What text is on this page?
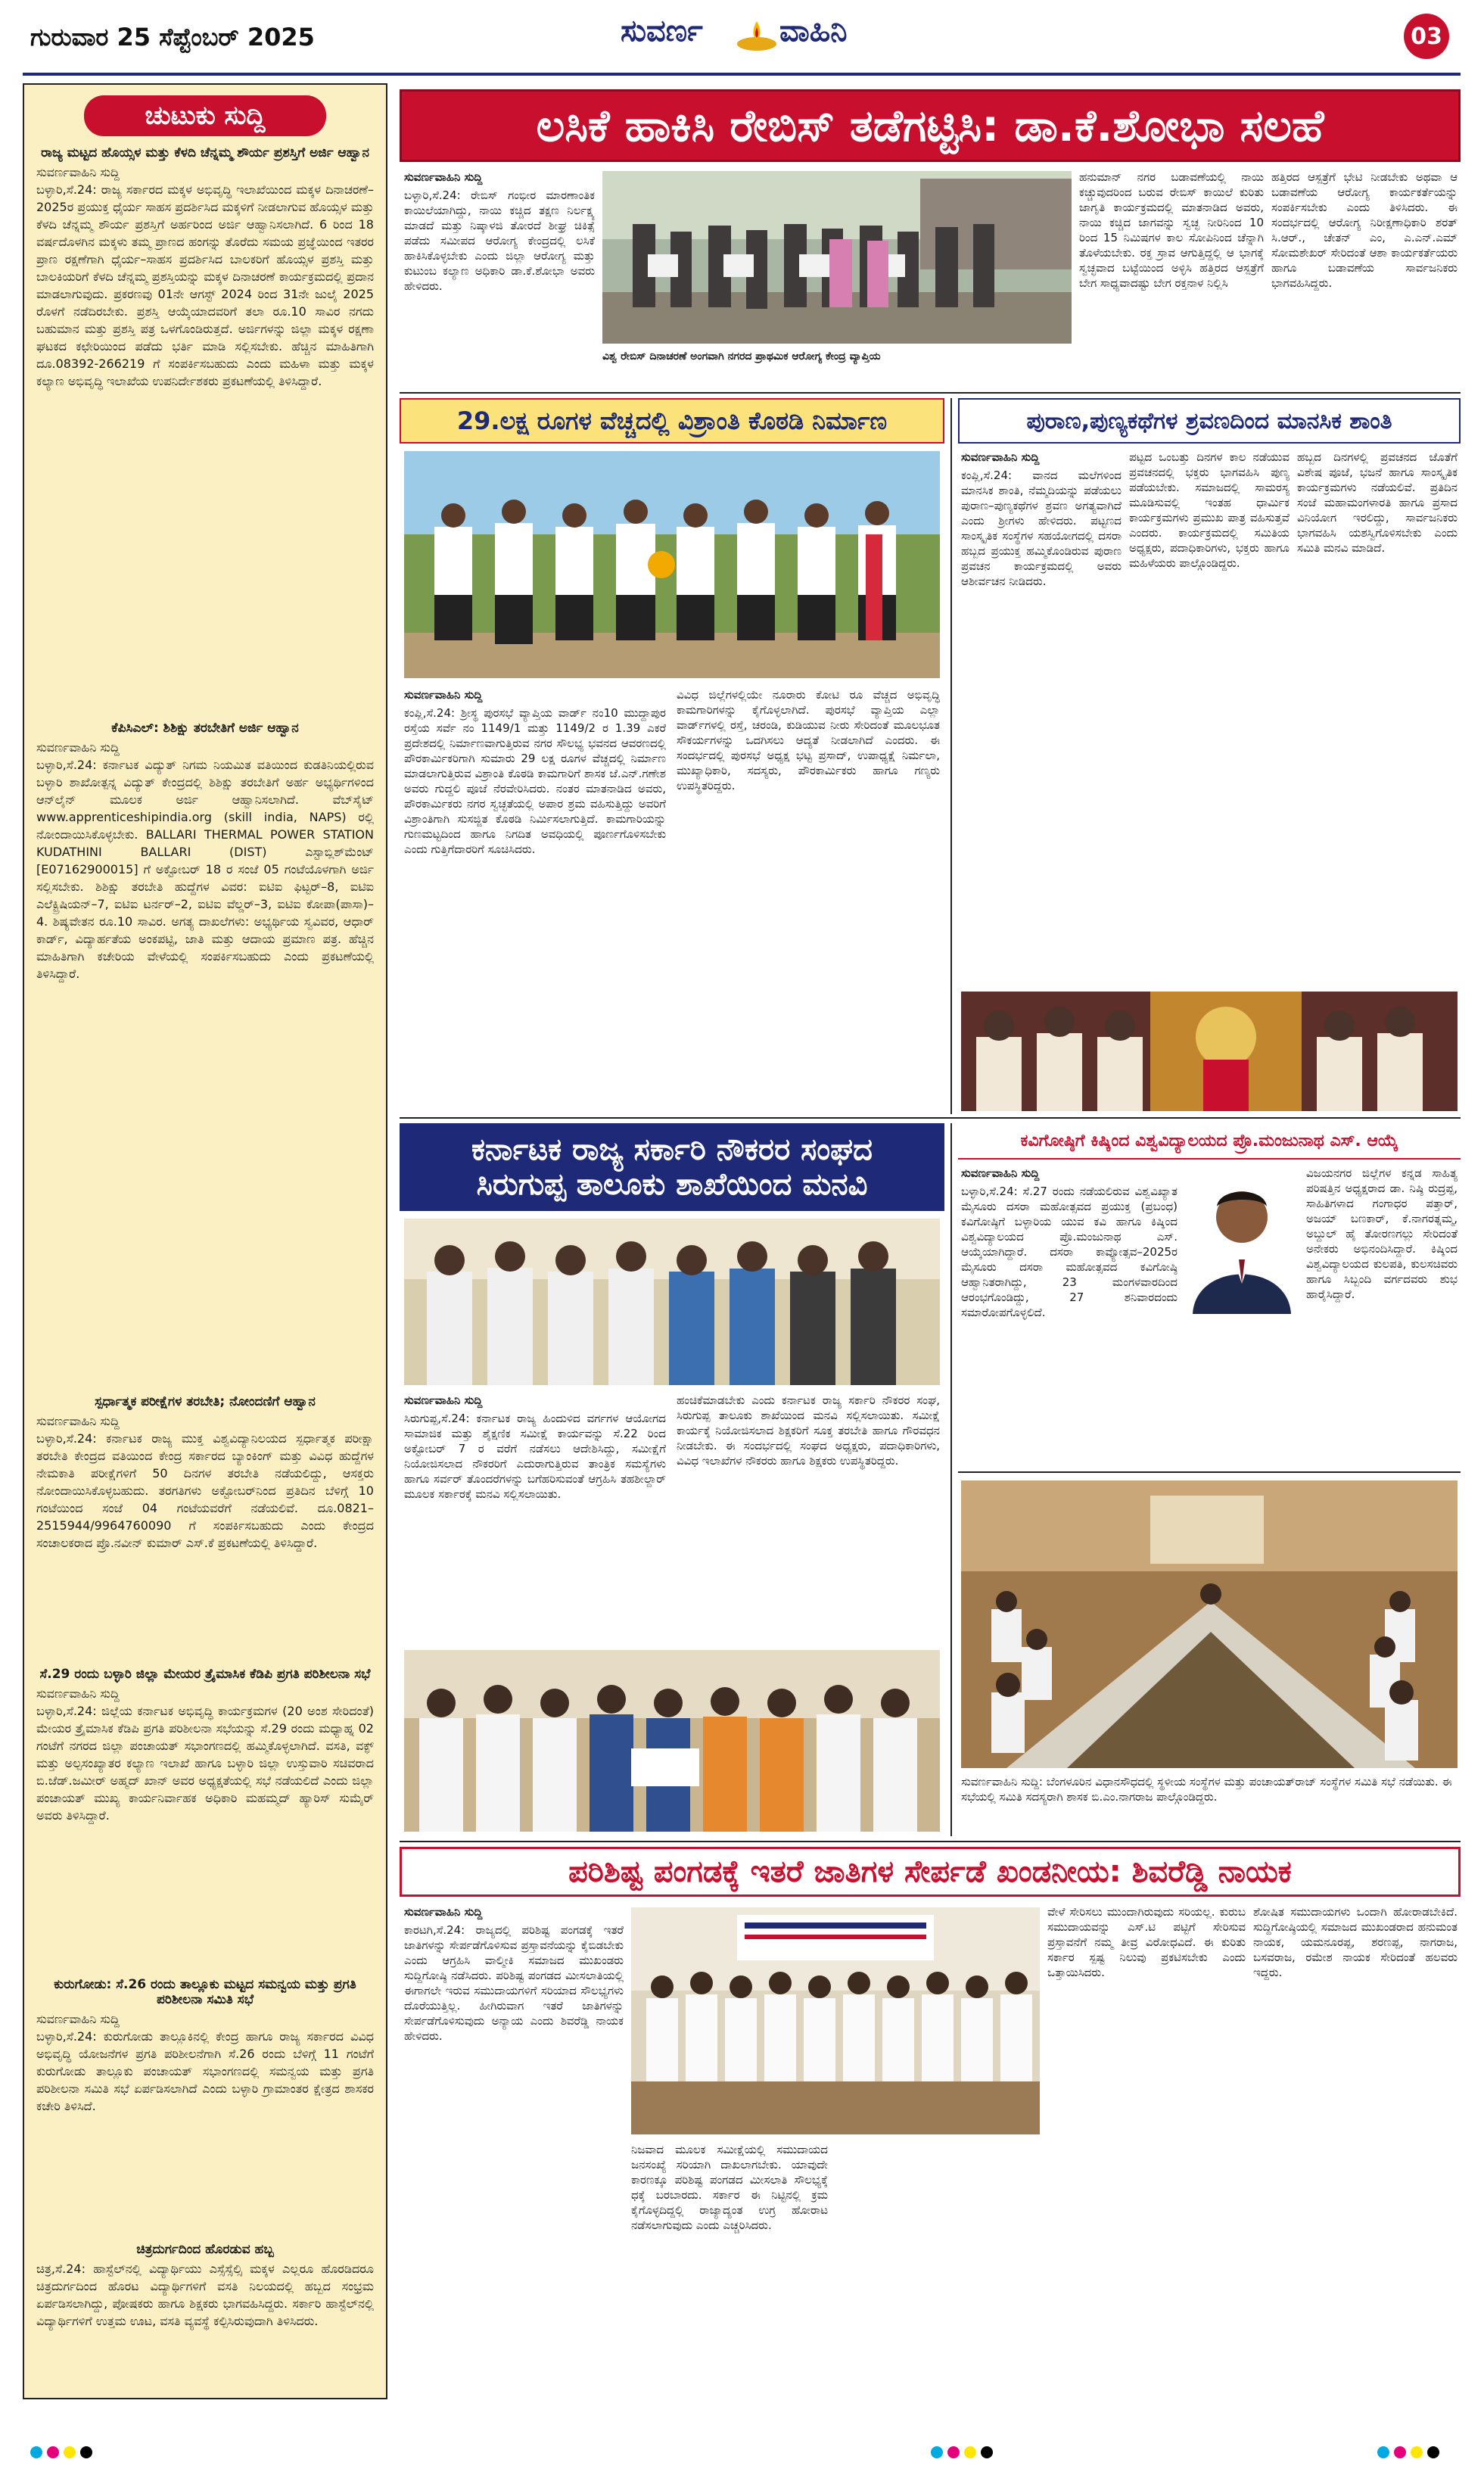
ಗುರುವಾರ 25 ಸೆಪ್ಟೆಂಬರ್ 2025	ಸುವರ್ಣ	ವಾಹಿನಿ	03
ಚುಟುಕು ಸುದ್ದಿ
ರಾಜ್ಯ ಮಟ್ಟದ ಹೊಯ್ಸಳ ಮತ್ತು ಕೆಳದಿ ಚೆನ್ನಮ್ಮ ಶೌರ್ಯ ಪ್ರಶಸ್ತಿಗೆ ಅರ್ಜಿ ಆಹ್ವಾನ
ಸುವರ್ಣವಾಹಿನಿ ಸುದ್ದಿ
ಬಳ್ಳಾರಿ,ಸೆ.24: ರಾಜ್ಯ ಸರ್ಕಾರದ ಮಕ್ಕಳ ಅಭಿವೃದ್ಧಿ ಇಲಾಖೆಯಿಂದ ಮಕ್ಕಳ ದಿನಾಚರಣೆ–2025ರ ಪ್ರಯುಕ್ತ ಧೈರ್ಯ ಸಾಹಸ ಪ್ರದರ್ಶಿಸಿದ ಮಕ್ಕಳಿಗೆ ನೀಡಲಾಗುವ ಹೊಯ್ಸಳ ಮತ್ತು ಕೆಳದಿ ಚೆನ್ನಮ್ಮ ಶೌರ್ಯ ಪ್ರಶಸ್ತಿಗೆ ಅರ್ಹರಿಂದ ಅರ್ಜಿ ಆಹ್ವಾನಿಸಲಾಗಿದೆ. 6 ರಿಂದ 18 ವರ್ಷದೊಳಗಿನ ಮಕ್ಕಳು ತಮ್ಮ ಪ್ರಾಣದ ಹಂಗನ್ನು ತೊರೆದು ಸಮಯ ಪ್ರಜ್ಞೆಯಿಂದ ಇತರರ ಪ್ರಾಣ ರಕ್ಷಣೆಗಾಗಿ ಧೈರ್ಯ–ಸಾಹಸ ಪ್ರದರ್ಶಿಸಿದ ಬಾಲಕರಿಗೆ ಹೊಯ್ಸಳ ಪ್ರಶಸ್ತಿ ಮತ್ತು ಬಾಲಕಿಯರಿಗೆ ಕೆಳದಿ ಚೆನ್ನಮ್ಮ ಪ್ರಶಸ್ತಿಯನ್ನು ಮಕ್ಕಳ ದಿನಾಚರಣೆ ಕಾರ್ಯಕ್ರಮದಲ್ಲಿ ಪ್ರದಾನ ಮಾಡಲಾಗುವುದು. ಪ್ರಕರಣವು 01ನೇ ಆಗಸ್ಟ್ 2024 ರಿಂದ 31ನೇ ಜುಲೈ 2025 ರೊಳಗೆ ನಡೆದಿರಬೇಕು. ಪ್ರಶಸ್ತಿ ಆಯ್ಕೆಯಾದವರಿಗೆ ತಲಾ ರೂ.10 ಸಾವಿರ ನಗದು ಬಹುಮಾನ ಮತ್ತು ಪ್ರಶಸ್ತಿ ಪತ್ರ ಒಳಗೊಂಡಿರುತ್ತದೆ. ಅರ್ಜಿಗಳನ್ನು ಜಿಲ್ಲಾ ಮಕ್ಕಳ ರಕ್ಷಣಾ ಘಟಕದ ಕಛೇರಿಯಿಂದ ಪಡೆದು ಭರ್ತಿ ಮಾಡಿ ಸಲ್ಲಿಸಬೇಕು. ಹೆಚ್ಚಿನ ಮಾಹಿತಿಗಾಗಿ ದೂ.08392-266219 ಗೆ ಸಂಪರ್ಕಿಸಬಹುದು ಎಂದು ಮಹಿಳಾ ಮತ್ತು ಮಕ್ಕಳ ಕಲ್ಯಾಣ ಅಭಿವೃದ್ಧಿ ಇಲಾಖೆಯ ಉಪನಿರ್ದೇಶಕರು ಪ್ರಕಟಣೆಯಲ್ಲಿ ತಿಳಿಸಿದ್ದಾರೆ.
ಕೆಪಿಸಿಎಲ್: ಶಿಶಿಕ್ಷು ತರಬೇತಿಗೆ ಅರ್ಜಿ ಆಹ್ವಾನ
ಸುವರ್ಣವಾಹಿನಿ ಸುದ್ದಿ
ಬಳ್ಳಾರಿ,ಸೆ.24: ಕರ್ನಾಟಕ ವಿದ್ಯುತ್ ನಿಗಮ ನಿಯಮಿತ ವತಿಯಿಂದ ಕುಡತಿನಿಯಲ್ಲಿರುವ ಬಳ್ಳಾರಿ ಶಾಖೋತ್ಪನ್ನ ವಿದ್ಯುತ್ ಕೇಂದ್ರದಲ್ಲಿ ಶಿಶಿಕ್ಷು ತರಬೇತಿಗೆ ಅರ್ಹ ಅಭ್ಯರ್ಥಿಗಳಿಂದ ಆನ್‌ಲೈನ್ ಮೂಲಕ ಅರ್ಜಿ ಆಹ್ವಾನಿಸಲಾಗಿದೆ. ವೆಬ್‌ಸೈಟ್ www.apprenticeshipindia.org (skill india, NAPS) ರಲ್ಲಿ ನೋಂದಾಯಿಸಿಕೊಳ್ಳಬೇಕು. BALLARI THERMAL POWER STATION KUDATHINI BALLARI (DIST) ಎಸ್ಟಾಬ್ಲಿಶ್‌ಮೆಂಟ್ [E07162900015] ಗೆ ಅಕ್ಟೋಬರ್ 18 ರ ಸಂಜೆ 05 ಗಂಟೆಯೊಳಗಾಗಿ ಅರ್ಜಿ ಸಲ್ಲಿಸಬೇಕು. ಶಿಶಿಕ್ಷು ತರಬೇತಿ ಹುದ್ದೆಗಳ ವಿವರ: ಐಟಿಐ ಫಿಟ್ಟರ್–8, ಐಟಿಐ ಎಲೆಕ್ಟ್ರಿಷಿಯನ್–7, ಐಟಿಐ ಟರ್ನರ್–2, ಐಟಿಐ ವೆಲ್ಡರ್–3, ಐಟಿಐ ಕೋಪಾ(ಪಾಸಾ)–4. ಶಿಷ್ಯವೇತನ ರೂ.10 ಸಾವಿರ. ಅಗತ್ಯ ದಾಖಲೆಗಳು: ಅಭ್ಯರ್ಥಿಯ ಸ್ವವಿವರ, ಆಧಾರ್ ಕಾರ್ಡ್, ವಿದ್ಯಾರ್ಹತೆಯ ಅಂಕಪಟ್ಟಿ, ಜಾತಿ ಮತ್ತು ಆದಾಯ ಪ್ರಮಾಣ ಪತ್ರ. ಹೆಚ್ಚಿನ ಮಾಹಿತಿಗಾಗಿ ಕಚೇರಿಯ ವೇಳೆಯಲ್ಲಿ ಸಂಪರ್ಕಿಸಬಹುದು ಎಂದು ಪ್ರಕಟಣೆಯಲ್ಲಿ ತಿಳಿಸಿದ್ದಾರೆ.
ಸ್ಪರ್ಧಾತ್ಮಕ ಪರೀಕ್ಷೆಗಳ ತರಬೇತಿ; ನೋಂದಣಿಗೆ ಆಹ್ವಾನ
ಸುವರ್ಣವಾಹಿನಿ ಸುದ್ದಿ
ಬಳ್ಳಾರಿ,ಸೆ.24: ಕರ್ನಾಟಕ ರಾಜ್ಯ ಮುಕ್ತ ವಿಶ್ವವಿದ್ಯಾನಿಲಯದ ಸ್ಪರ್ಧಾತ್ಮಕ ಪರೀಕ್ಷಾ ತರಬೇತಿ ಕೇಂದ್ರದ ವತಿಯಿಂದ ಕೇಂದ್ರ ಸರ್ಕಾರದ ಬ್ಯಾಂಕಿಂಗ್ ಮತ್ತು ವಿವಿಧ ಹುದ್ದೆಗಳ ನೇಮಕಾತಿ ಪರೀಕ್ಷೆಗಳಿಗೆ 50 ದಿನಗಳ ತರಬೇತಿ ನಡೆಯಲಿದ್ದು, ಆಸಕ್ತರು ನೋಂದಾಯಿಸಿಕೊಳ್ಳಬಹುದು. ತರಗತಿಗಳು ಅಕ್ಟೋಬರ್‌ನಿಂದ ಪ್ರತಿದಿನ ಬೆಳಿಗ್ಗೆ 10 ಗಂಟೆಯಿಂದ ಸಂಜೆ 04 ಗಂಟೆಯವರೆಗೆ ನಡೆಯಲಿವೆ. ದೂ.0821–2515944/9964760090 ಗೆ ಸಂಪರ್ಕಿಸಬಹುದು ಎಂದು ಕೇಂದ್ರದ ಸಂಚಾಲಕರಾದ ಪ್ರೊ.ನವೀನ್ ಕುಮಾರ್ ಎಸ್.ಕೆ ಪ್ರಕಟಣೆಯಲ್ಲಿ ತಿಳಿಸಿದ್ದಾರೆ.
ಸೆ.29 ರಂದು ಬಳ್ಳಾರಿ ಜಿಲ್ಲಾ ಮೇಯರ ತ್ರೈಮಾಸಿಕ ಕೆಡಿಪಿ ಪ್ರಗತಿ ಪರಿಶೀಲನಾ ಸಭೆ
ಸುವರ್ಣವಾಹಿನಿ ಸುದ್ದಿ
ಬಳ್ಳಾರಿ,ಸೆ.24: ಜಿಲ್ಲೆಯ ಕರ್ನಾಟಕ ಅಭಿವೃದ್ಧಿ ಕಾರ್ಯಕ್ರಮಗಳ (20 ಅಂಶ ಸೇರಿದಂತೆ) ಮೇಯರ ತ್ರೈಮಾಸಿಕ ಕೆಡಿಪಿ ಪ್ರಗತಿ ಪರಿಶೀಲನಾ ಸಭೆಯನ್ನು ಸೆ.29 ರಂದು ಮಧ್ಯಾಹ್ನ 02 ಗಂಟೆಗೆ ನಗರದ ಜಿಲ್ಲಾ ಪಂಚಾಯತ್ ಸಭಾಂಗಣದಲ್ಲಿ ಹಮ್ಮಿಕೊಳ್ಳಲಾಗಿದೆ. ವಸತಿ, ವಕ್ಫ್ ಮತ್ತು ಅಲ್ಪಸಂಖ್ಯಾತರ ಕಲ್ಯಾಣ ಇಲಾಖೆ ಹಾಗೂ ಬಳ್ಳಾರಿ ಜಿಲ್ಲಾ ಉಸ್ತುವಾರಿ ಸಚಿವರಾದ ಬಿ.ಜೆಡ್.ಜಮೀರ್ ಅಹ್ಮದ್ ಖಾನ್ ಅವರ ಅಧ್ಯಕ್ಷತೆಯಲ್ಲಿ ಸಭೆ ನಡೆಯಲಿದೆ ಎಂದು ಜಿಲ್ಲಾ ಪಂಚಾಯತ್ ಮುಖ್ಯ ಕಾರ್ಯನಿರ್ವಾಹಕ ಅಧಿಕಾರಿ ಮಹಮ್ಮದ್ ಹ್ಯಾರಿಸ್ ಸುಮೈರ್ ಅವರು ತಿಳಿಸಿದ್ದಾರೆ.
ಕುರುಗೋಡು: ಸೆ.26 ರಂದು ತಾಲ್ಲೂಕು ಮಟ್ಟದ ಸಮನ್ವಯ ಮತ್ತು ಪ್ರಗತಿ ಪರಿಶೀಲನಾ ಸಮಿತಿ ಸಭೆ
ಸುವರ್ಣವಾಹಿನಿ ಸುದ್ದಿ
ಬಳ್ಳಾರಿ,ಸೆ.24: ಕುರುಗೋಡು ತಾಲ್ಲೂಕಿನಲ್ಲಿ ಕೇಂದ್ರ ಹಾಗೂ ರಾಜ್ಯ ಸರ್ಕಾರದ ವಿವಿಧ ಅಭಿವೃದ್ಧಿ ಯೋಜನೆಗಳ ಪ್ರಗತಿ ಪರಿಶೀಲನೆಗಾಗಿ ಸೆ.26 ರಂದು ಬೆಳಿಗ್ಗೆ 11 ಗಂಟೆಗೆ ಕುರುಗೋಡು ತಾಲ್ಲೂಕು ಪಂಚಾಯತ್ ಸಭಾಂಗಣದಲ್ಲಿ ಸಮನ್ವಯ ಮತ್ತು ಪ್ರಗತಿ ಪರಿಶೀಲನಾ ಸಮಿತಿ ಸಭೆ ಏರ್ಪಡಿಸಲಾಗಿದೆ ಎಂದು ಬಳ್ಳಾರಿ ಗ್ರಾಮಾಂತರ ಕ್ಷೇತ್ರದ ಶಾಸಕರ ಕಚೇರಿ ತಿಳಿಸಿದೆ.
ಚಿತ್ರದುರ್ಗದಿಂದ ಹೊರಡುವ ಹಬ್ಬ
ಚಿತ್ರ,ಸೆ.24: ಹಾಸ್ಟೆಲ್‌ನಲ್ಲಿ ವಿದ್ಯಾರ್ಥಿಯು ಎಸ್ಸೆಸ್ಸೆಲ್ಸಿ ಮಕ್ಕಳ ಎಲ್ಲರೂ ಹೊರಡಿದರೂ ಚಿತ್ರದುರ್ಗದಿಂದ ಹೊರಟ ವಿದ್ಯಾರ್ಥಿಗಳಿಗೆ ವಸತಿ ನಿಲಯದಲ್ಲಿ ಹಬ್ಬದ ಸಂಭ್ರಮ ಏರ್ಪಡಿಸಲಾಗಿದ್ದು, ಪೋಷಕರು ಹಾಗೂ ಶಿಕ್ಷಕರು ಭಾಗವಹಿಸಿದ್ದರು. ಸರ್ಕಾರಿ ಹಾಸ್ಟೆಲ್‌ನಲ್ಲಿ ವಿದ್ಯಾರ್ಥಿಗಳಿಗೆ ಉತ್ತಮ ಊಟ, ವಸತಿ ವ್ಯವಸ್ಥೆ ಕಲ್ಪಿಸಿರುವುದಾಗಿ ತಿಳಿಸಿದರು.
ಲಸಿಕೆ ಹಾಕಿಸಿ ರೇಬಿಸ್ ತಡೆಗಟ್ಟಿಸಿ: ಡಾ.ಕೆ.ಶೋಭಾ ಸಲಹೆ

ಸುವರ್ಣವಾಹಿನಿ ಸುದ್ದಿ

ಬಳ್ಳಾರಿ,ಸೆ.24: ರೇಬಿಸ್ ಗಂಭೀರ ಮಾರಣಾಂತಿಕ ಕಾಯಿಲೆಯಾಗಿದ್ದು, ನಾಯಿ ಕಚ್ಚಿದ ತಕ್ಷಣ ನಿರ್ಲಕ್ಷ್ಯ ಮಾಡದೆ ಮತ್ತು ನಿಷ್ಕಾಳಜಿ ತೋರದೆ ಶೀಘ್ರ ಚಿಕಿತ್ಸೆ ಪಡೆದು ಸಮೀಪದ ಆರೋಗ್ಯ ಕೇಂದ್ರದಲ್ಲಿ ಲಸಿಕೆ ಹಾಕಿಸಿಕೊಳ್ಳಬೇಕು ಎಂದು ಜಿಲ್ಲಾ ಆರೋಗ್ಯ ಮತ್ತು ಕುಟುಂಬ ಕಲ್ಯಾಣ ಅಧಿಕಾರಿ ಡಾ.ಕೆ.ಶೋಭಾ ಅವರು ಹೇಳಿದರು.

ವಿಶ್ವ ರೇಬಿಸ್ ದಿನಾಚರಣೆ ಅಂಗವಾಗಿ ನಗರದ ಪ್ರಾಥಮಿಕ ಆರೋಗ್ಯ ಕೇಂದ್ರ ವ್ಯಾಪ್ತಿಯ
ಹನುಮಾನ್ ನಗರ ಬಡಾವಣೆಯಲ್ಲಿ ನಾಯಿ ಕಚ್ಚುವುದರಿಂದ ಬರುವ ರೇಬಿಸ್ ಕಾಯಿಲೆ ಕುರಿತು ಜಾಗೃತಿ ಕಾರ್ಯಕ್ರಮದಲ್ಲಿ ಮಾತನಾಡಿದ ಅವರು, ನಾಯಿ ಕಚ್ಚಿದ ಜಾಗವನ್ನು ಸ್ವಚ್ಛ ನೀರಿನಿಂದ 10 ರಿಂದ 15 ನಿಮಿಷಗಳ ಕಾಲ ಸೋಪಿನಿಂದ ಚೆನ್ನಾಗಿ ತೊಳೆಯಬೇಕು. ರಕ್ತ ಸ್ರಾವ ಆಗುತ್ತಿದ್ದಲ್ಲಿ ಆ ಭಾಗಕ್ಕೆ ಸ್ವಚ್ಛವಾದ ಬಟ್ಟೆಯಿಂದ ಅಳ್ಳಿಸಿ ಹತ್ತಿರದ ಆಸ್ಪತ್ರೆಗೆ ಬೇಗ ಸಾಧ್ಯವಾದಷ್ಟು ಬೇಗ ರಕ್ತನಾಳ ನಿಲ್ಲಿಸಿ
ಹತ್ತಿರದ ಆಸ್ಪತ್ರೆಗೆ ಭೇಟಿ ನೀಡಬೇಕು ಅಥವಾ ಆ ಬಡಾವಣೆಯ ಆರೋಗ್ಯ ಕಾರ್ಯಕರ್ತೆಯನ್ನು ಸಂಪರ್ಕಿಸಬೇಕು ಎಂದು ತಿಳಿಸಿದರು. ಈ ಸಂದರ್ಭದಲ್ಲಿ ಆರೋಗ್ಯ ನಿರೀಕ್ಷಣಾಧಿಕಾರಿ ಶರತ್ ಸಿ.ಆರ್., ಚೇತನ್ ಎಂ, ಎ.ಎನ್.ಎಮ್ ಸೋಮಶೇಖರ್ ಸೇರಿದಂತೆ ಆಶಾ ಕಾರ್ಯಕರ್ತೆಯರು ಹಾಗೂ ಬಡಾವಣೆಯ ಸಾರ್ವಜನಿಕರು ಭಾಗವಹಿಸಿದ್ದರು.
29.ಲಕ್ಷ ರೂಗಳ ವೆಚ್ಚದಲ್ಲಿ ವಿಶ್ರಾಂತಿ ಕೊಠಡಿ ನಿರ್ಮಾಣ

ಸುವರ್ಣವಾಹಿನಿ ಸುದ್ದಿ

ಕಂಪ್ಲಿ,ಸೆ.24: ಶ್ರೀಸ್ಥ ಪುರಸಭೆ ವ್ಯಾಪ್ತಿಯ ವಾರ್ಡ್ ನಂ10 ಮುದ್ದಾಪುರ ರಸ್ತೆಯ ಸರ್ವೆ ನಂ 1149/1 ಮತ್ತು 1149/2 ರ 1.39 ಎಕರೆ ಪ್ರದೇಶದಲ್ಲಿ ನಿರ್ಮಾಣವಾಗುತ್ತಿರುವ ನಗರ ಸೌಲಭ್ಯ ಭವನದ ಆವರಣದಲ್ಲಿ ಪೌರಕಾರ್ಮಿಕರಿಗಾಗಿ ಸುಮಾರು 29 ಲಕ್ಷ ರೂಗಳ ವೆಚ್ಚದಲ್ಲಿ ನಿರ್ಮಾಣ ಮಾಡಲಾಗುತ್ತಿರುವ ವಿಶ್ರಾಂತಿ ಕೊಠಡಿ ಕಾಮಗಾರಿಗೆ ಶಾಸಕ ಜೆ.ಎನ್.ಗಣೇಶ ಅವರು ಗುದ್ದಲಿ ಪೂಜೆ ನೆರವೇರಿಸಿದರು. ನಂತರ ಮಾತನಾಡಿದ ಅವರು, ಪೌರಕಾರ್ಮಿಕರು ನಗರ ಸ್ವಚ್ಛತೆಯಲ್ಲಿ ಅಪಾರ ಶ್ರಮ ವಹಿಸುತ್ತಿದ್ದು ಅವರಿಗೆ ವಿಶ್ರಾಂತಿಗಾಗಿ ಸುಸಜ್ಜಿತ ಕೊಠಡಿ ನಿರ್ಮಿಸಲಾಗುತ್ತಿದೆ. ಕಾಮಗಾರಿಯನ್ನು ಗುಣಮಟ್ಟದಿಂದ ಹಾಗೂ ನಿಗದಿತ ಅವಧಿಯಲ್ಲಿ ಪೂರ್ಣಗೊಳಿಸಬೇಕು ಎಂದು ಗುತ್ತಿಗೆದಾರರಿಗೆ ಸೂಚಿಸಿದರು.

ವಿವಿಧ ಜಿಲ್ಲೆಗಳಲ್ಲಿಯೇ ನೂರಾರು ಕೋಟಿ ರೂ ವೆಚ್ಚದ ಅಭಿವೃದ್ಧಿ ಕಾಮಗಾರಿಗಳನ್ನು ಕೈಗೊಳ್ಳಲಾಗಿದೆ. ಪುರಸಭೆ ವ್ಯಾಪ್ತಿಯ ಎಲ್ಲಾ ವಾರ್ಡ್‌ಗಳಲ್ಲಿ ರಸ್ತೆ, ಚರಂಡಿ, ಕುಡಿಯುವ ನೀರು ಸೇರಿದಂತೆ ಮೂಲಭೂತ ಸೌಕರ್ಯಗಳನ್ನು ಒದಗಿಸಲು ಆದ್ಯತೆ ನೀಡಲಾಗಿದೆ ಎಂದರು. ಈ ಸಂದರ್ಭದಲ್ಲಿ ಪುರಸಭೆ ಅಧ್ಯಕ್ಷ ಭಟ್ಟ ಪ್ರಸಾದ್, ಉಪಾಧ್ಯಕ್ಷೆ ನಿರ್ಮಲಾ, ಮುಖ್ಯಾಧಿಕಾರಿ, ಸದಸ್ಯರು, ಪೌರಕಾರ್ಮಿಕರು ಹಾಗೂ ಗಣ್ಯರು ಉಪಸ್ಥಿತರಿದ್ದರು.
ಪುರಾಣ,ಪುಣ್ಯಕಥೆಗಳ ಶ್ರವಣದಿಂದ ಮಾನಸಿಕ ಶಾಂತಿ

ಸುವರ್ಣವಾಹಿನಿ ಸುದ್ದಿ

ಕಂಪ್ಲಿ,ಸೆ.24: ವಾನದ ಮಲೆಗಳಿಂದ ಮಾನಸಿಕ ಶಾಂತಿ, ನೆಮ್ಮದಿಯನ್ನು ಪಡೆಯಲು ಪುರಾಣ–ಪುಣ್ಯಕಥೆಗಳ ಶ್ರವಣ ಅಗತ್ಯವಾಗಿದೆ ಎಂದು ಶ್ರೀಗಳು ಹೇಳಿದರು. ಪಟ್ಟಣದ ಸಾಂಸ್ಕೃತಿಕ ಸಂಸ್ಥೆಗಳ ಸಹಯೋಗದಲ್ಲಿ ದಸರಾ ಹಬ್ಬದ ಪ್ರಯುಕ್ತ ಹಮ್ಮಿಕೊಂಡಿರುವ ಪುರಾಣ ಪ್ರವಚನ ಕಾರ್ಯಕ್ರಮದಲ್ಲಿ ಅವರು ಆಶೀರ್ವಚನ ನೀಡಿದರು.

ಪಟ್ಟದ ಒಂಬತ್ತು ದಿನಗಳ ಕಾಲ ನಡೆಯುವ ಪ್ರವಚನದಲ್ಲಿ ಭಕ್ತರು ಭಾಗವಹಿಸಿ ಪುಣ್ಯ ಪಡೆಯಬೇಕು. ಸಮಾಜದಲ್ಲಿ ಸಾಮರಸ್ಯ ಮೂಡಿಸುವಲ್ಲಿ ಇಂತಹ ಧಾರ್ಮಿಕ ಕಾರ್ಯಕ್ರಮಗಳು ಪ್ರಮುಖ ಪಾತ್ರ ವಹಿಸುತ್ತವೆ ಎಂದರು. ಕಾರ್ಯಕ್ರಮದಲ್ಲಿ ಸಮಿತಿಯ ಅಧ್ಯಕ್ಷರು, ಪದಾಧಿಕಾರಿಗಳು, ಭಕ್ತರು ಹಾಗೂ ಮಹಿಳೆಯರು ಪಾಲ್ಗೊಂಡಿದ್ದರು.
ಹಬ್ಬದ ದಿನಗಳಲ್ಲಿ ಪ್ರವಚನದ ಜೊತೆಗೆ ವಿಶೇಷ ಪೂಜೆ, ಭಜನೆ ಹಾಗೂ ಸಾಂಸ್ಕೃತಿಕ ಕಾರ್ಯಕ್ರಮಗಳು ನಡೆಯಲಿವೆ. ಪ್ರತಿದಿನ ಸಂಜೆ ಮಹಾಮಂಗಳಾರತಿ ಹಾಗೂ ಪ್ರಸಾದ ವಿನಿಯೋಗ ಇರಲಿದ್ದು, ಸಾರ್ವಜನಿಕರು ಭಾಗವಹಿಸಿ ಯಶಸ್ವಿಗೊಳಿಸಬೇಕು ಎಂದು ಸಮಿತಿ ಮನವಿ ಮಾಡಿದೆ.
ಕರ್ನಾಟಕ ರಾಜ್ಯ ಸರ್ಕಾರಿ ನೌಕರರ ಸಂಘದ
ಸಿರುಗುಪ್ಪ ತಾಲೂಕು ಶಾಖೆಯಿಂದ ಮನವಿ

ಸುವರ್ಣವಾಹಿನಿ ಸುದ್ದಿ

ಸಿರುಗುಪ್ಪ,ಸೆ.24: ಕರ್ನಾಟಕ ರಾಜ್ಯ ಹಿಂದುಳಿದ ವರ್ಗಗಳ ಆಯೋಗದ ಸಾಮಾಜಿಕ ಮತ್ತು ಶೈಕ್ಷಣಿಕ ಸಮೀಕ್ಷೆ ಕಾರ್ಯವನ್ನು ಸೆ.22 ರಿಂದ ಅಕ್ಟೋಬರ್ 7 ರ ವರೆಗೆ ನಡೆಸಲು ಆದೇಶಿಸಿದ್ದು, ಸಮೀಕ್ಷೆಗೆ ನಿಯೋಜಿಸಲಾದ ನೌಕರರಿಗೆ ಎದುರಾಗುತ್ತಿರುವ ತಾಂತ್ರಿಕ ಸಮಸ್ಯೆಗಳು ಹಾಗೂ ಸರ್ವರ್ ತೊಂದರೆಗಳನ್ನು ಬಗೆಹರಿಸುವಂತೆ ಆಗ್ರಹಿಸಿ ತಹಶೀಲ್ದಾರ್ ಮೂಲಕ ಸರ್ಕಾರಕ್ಕೆ ಮನವಿ ಸಲ್ಲಿಸಲಾಯಿತು.

ಹಂಚಿಕೆಮಾಡಬೇಕು ಎಂದು ಕರ್ನಾಟಕ ರಾಜ್ಯ ಸರ್ಕಾರಿ ನೌಕರರ ಸಂಘ, ಸಿರುಗುಪ್ಪ ತಾಲೂಕು ಶಾಖೆಯಿಂದ ಮನವಿ ಸಲ್ಲಿಸಲಾಯಿತು. ಸಮೀಕ್ಷೆ ಕಾರ್ಯಕ್ಕೆ ನಿಯೋಜಿಸಲಾದ ಶಿಕ್ಷಕರಿಗೆ ಸೂಕ್ತ ತರಬೇತಿ ಹಾಗೂ ಗೌರವಧನ ನೀಡಬೇಕು. ಈ ಸಂದರ್ಭದಲ್ಲಿ ಸಂಘದ ಅಧ್ಯಕ್ಷರು, ಪದಾಧಿಕಾರಿಗಳು, ವಿವಿಧ ಇಲಾಖೆಗಳ ನೌಕರರು ಹಾಗೂ ಶಿಕ್ಷಕರು ಉಪಸ್ಥಿತರಿದ್ದರು.
ಕವಿಗೋಷ್ಠಿಗೆ ಕಿಷ್ಕಿಂದ ವಿಶ್ವವಿದ್ಯಾಲಯದ ಪ್ರೊ.ಮಂಜುನಾಥ ಎಸ್. ಆಯ್ಕೆ

ಸುವರ್ಣವಾಹಿನಿ ಸುದ್ದಿ

ಬಳ್ಳಾರಿ,ಸೆ.24: ಸೆ.27 ರಂದು ನಡೆಯಲಿರುವ ವಿಶ್ವವಿಖ್ಯಾತ ಮೈಸೂರು ದಸರಾ ಮಹೋತ್ಸವದ ಪ್ರಯುಕ್ತ (ಪ್ರಬಂಧ) ಕವಿಗೋಷ್ಠಿಗೆ ಬಳ್ಳಾರಿಯ ಯುವ ಕವಿ ಹಾಗೂ ಕಿಷ್ಕಿಂದ ವಿಶ್ವವಿದ್ಯಾಲಯದ ಪ್ರೊ.ಮಂಜುನಾಥ ಎಸ್. ಆಯ್ಕೆಯಾಗಿದ್ದಾರೆ. ದಸರಾ ಕಾವ್ಯೋತ್ಸವ–2025ರ ಮೈಸೂರು ದಸರಾ ಮಹೋತ್ಸವದ ಕವಿಗೋಷ್ಠಿ ಆಹ್ವಾನಿತರಾಗಿದ್ದು, 23 ಮಂಗಳವಾರದಿಂದ ಆರಂಭಗೊಂಡಿದ್ದು, 27 ಶನಿವಾರದಂದು ಸಮಾರೋಪಗೊಳ್ಳಲಿದೆ.

ವಿಜಯನಗರ ಜಿಲ್ಲೆಗಳ ಕನ್ನಡ ಸಾಹಿತ್ಯ ಪರಿಷತ್ತಿನ ಅಧ್ಯಕ್ಷರಾದ ಡಾ. ನಿಷ್ಠಿ ರುದ್ರಪ್ಪ, ಸಾಹಿತಿಗಳಾದ ಗಂಗಾಧರ ಪತ್ತಾರ್, ಅಜಯ್ ಬಣಕಾರ್, ಕೆ.ನಾಗರತ್ನಮ್ಮ, ಅಬ್ದುಲ್ ಹೈ ತೋರಣಗಲ್ಲು ಸೇರಿದಂತೆ ಅನೇಕರು ಅಭಿನಂದಿಸಿದ್ದಾರೆ. ಕಿಷ್ಕಿಂದ ವಿಶ್ವವಿದ್ಯಾಲಯದ ಕುಲಪತಿ, ಕುಲಸಚಿವರು ಹಾಗೂ ಸಿಬ್ಬಂದಿ ವರ್ಗದವರು ಶುಭ ಹಾರೈಸಿದ್ದಾರೆ.
ಸುವರ್ಣವಾಹಿನಿ ಸುದ್ದಿ: ಬೆಂಗಳೂರಿನ ವಿಧಾನಸೌಧದಲ್ಲಿ ಸ್ಥಳೀಯ ಸಂಸ್ಥೆಗಳ ಮತ್ತು ಪಂಚಾಯತ್‌ರಾಜ್ ಸಂಸ್ಥೆಗಳ ಸಮಿತಿ ಸಭೆ ನಡೆಯಿತು. ಈ ಸಭೆಯಲ್ಲಿ ಸಮಿತಿ ಸದಸ್ಯರಾಗಿ ಶಾಸಕ ಬಿ.ಎಂ.ನಾಗರಾಜ ಪಾಲ್ಗೊಂಡಿದ್ದರು.
ಪರಿಶಿಷ್ಟ ಪಂಗಡಕ್ಕೆ ಇತರೆ ಜಾತಿಗಳ ಸೇರ್ಪಡೆ ಖಂಡನೀಯ: ಶಿವರೆಡ್ಡಿ ನಾಯಕ

ಸುವರ್ಣವಾಹಿನಿ ಸುದ್ದಿ

ಕಾರಟಗಿ,ಸೆ.24: ರಾಜ್ಯದಲ್ಲಿ ಪರಿಶಿಷ್ಟ ಪಂಗಡಕ್ಕೆ ಇತರೆ ಜಾತಿಗಳನ್ನು ಸೇರ್ಪಡೆಗೊಳಿಸುವ ಪ್ರಸ್ತಾವನೆಯನ್ನು ಕೈಬಿಡಬೇಕು ಎಂದು ಆಗ್ರಹಿಸಿ ವಾಲ್ಮೀಕಿ ಸಮಾಜದ ಮುಖಂಡರು ಸುದ್ದಿಗೋಷ್ಠಿ ನಡೆಸಿದರು. ಪರಿಶಿಷ್ಟ ಪಂಗಡದ ಮೀಸಲಾತಿಯಲ್ಲಿ ಈಗಾಗಲೇ ಇರುವ ಸಮುದಾಯಗಳಿಗೆ ಸರಿಯಾದ ಸೌಲಭ್ಯಗಳು ದೊರೆಯುತ್ತಿಲ್ಲ. ಹೀಗಿರುವಾಗ ಇತರೆ ಜಾತಿಗಳನ್ನು ಸೇರ್ಪಡೆಗೊಳಿಸುವುದು ಅನ್ಯಾಯ ಎಂದು ಶಿವರೆಡ್ಡಿ ನಾಯಕ ಹೇಳಿದರು.

ನಿಜವಾದ ಮೂಲಕ ಸಮೀಕ್ಷೆಯಲ್ಲಿ ಸಮುದಾಯದ ಜನಸಂಖ್ಯೆ ಸರಿಯಾಗಿ ದಾಖಲಾಗಬೇಕು. ಯಾವುದೇ ಕಾರಣಕ್ಕೂ ಪರಿಶಿಷ್ಟ ಪಂಗಡದ ಮೀಸಲಾತಿ ಸೌಲಭ್ಯಕ್ಕೆ ಧಕ್ಕೆ ಬರಬಾರದು. ಸರ್ಕಾರ ಈ ನಿಟ್ಟಿನಲ್ಲಿ ಕ್ರಮ ಕೈಗೊಳ್ಳದಿದ್ದಲ್ಲಿ ರಾಜ್ಯಾದ್ಯಂತ ಉಗ್ರ ಹೋರಾಟ ನಡೆಸಲಾಗುವುದು ಎಂದು ಎಚ್ಚರಿಸಿದರು.
ವೇಳೆ ಸೇರಿಸಲು ಮುಂದಾಗಿರುವುದು ಸರಿಯಲ್ಲ. ಕುರುಬ ಸಮುದಾಯವನ್ನು ಎಸ್.ಟಿ ಪಟ್ಟಿಗೆ ಸೇರಿಸುವ ಪ್ರಸ್ತಾವನೆಗೆ ನಮ್ಮ ತೀವ್ರ ವಿರೋಧವಿದೆ. ಈ ಕುರಿತು ಸರ್ಕಾರ ಸ್ಪಷ್ಟ ನಿಲುವು ಪ್ರಕಟಿಸಬೇಕು ಎಂದು ಒತ್ತಾಯಿಸಿದರು.
ಶೋಷಿತ ಸಮುದಾಯಗಳು ಒಂದಾಗಿ ಹೋರಾಡಬೇಕಿದೆ. ಸುದ್ದಿಗೋಷ್ಠಿಯಲ್ಲಿ ಸಮಾಜದ ಮುಖಂಡರಾದ ಹನುಮಂತ ನಾಯಕ, ಯಮನೂರಪ್ಪ, ಶರಣಪ್ಪ, ನಾಗರಾಜ, ಬಸವರಾಜ, ರಮೇಶ ನಾಯಕ ಸೇರಿದಂತೆ ಹಲವರು ಇದ್ದರು.
